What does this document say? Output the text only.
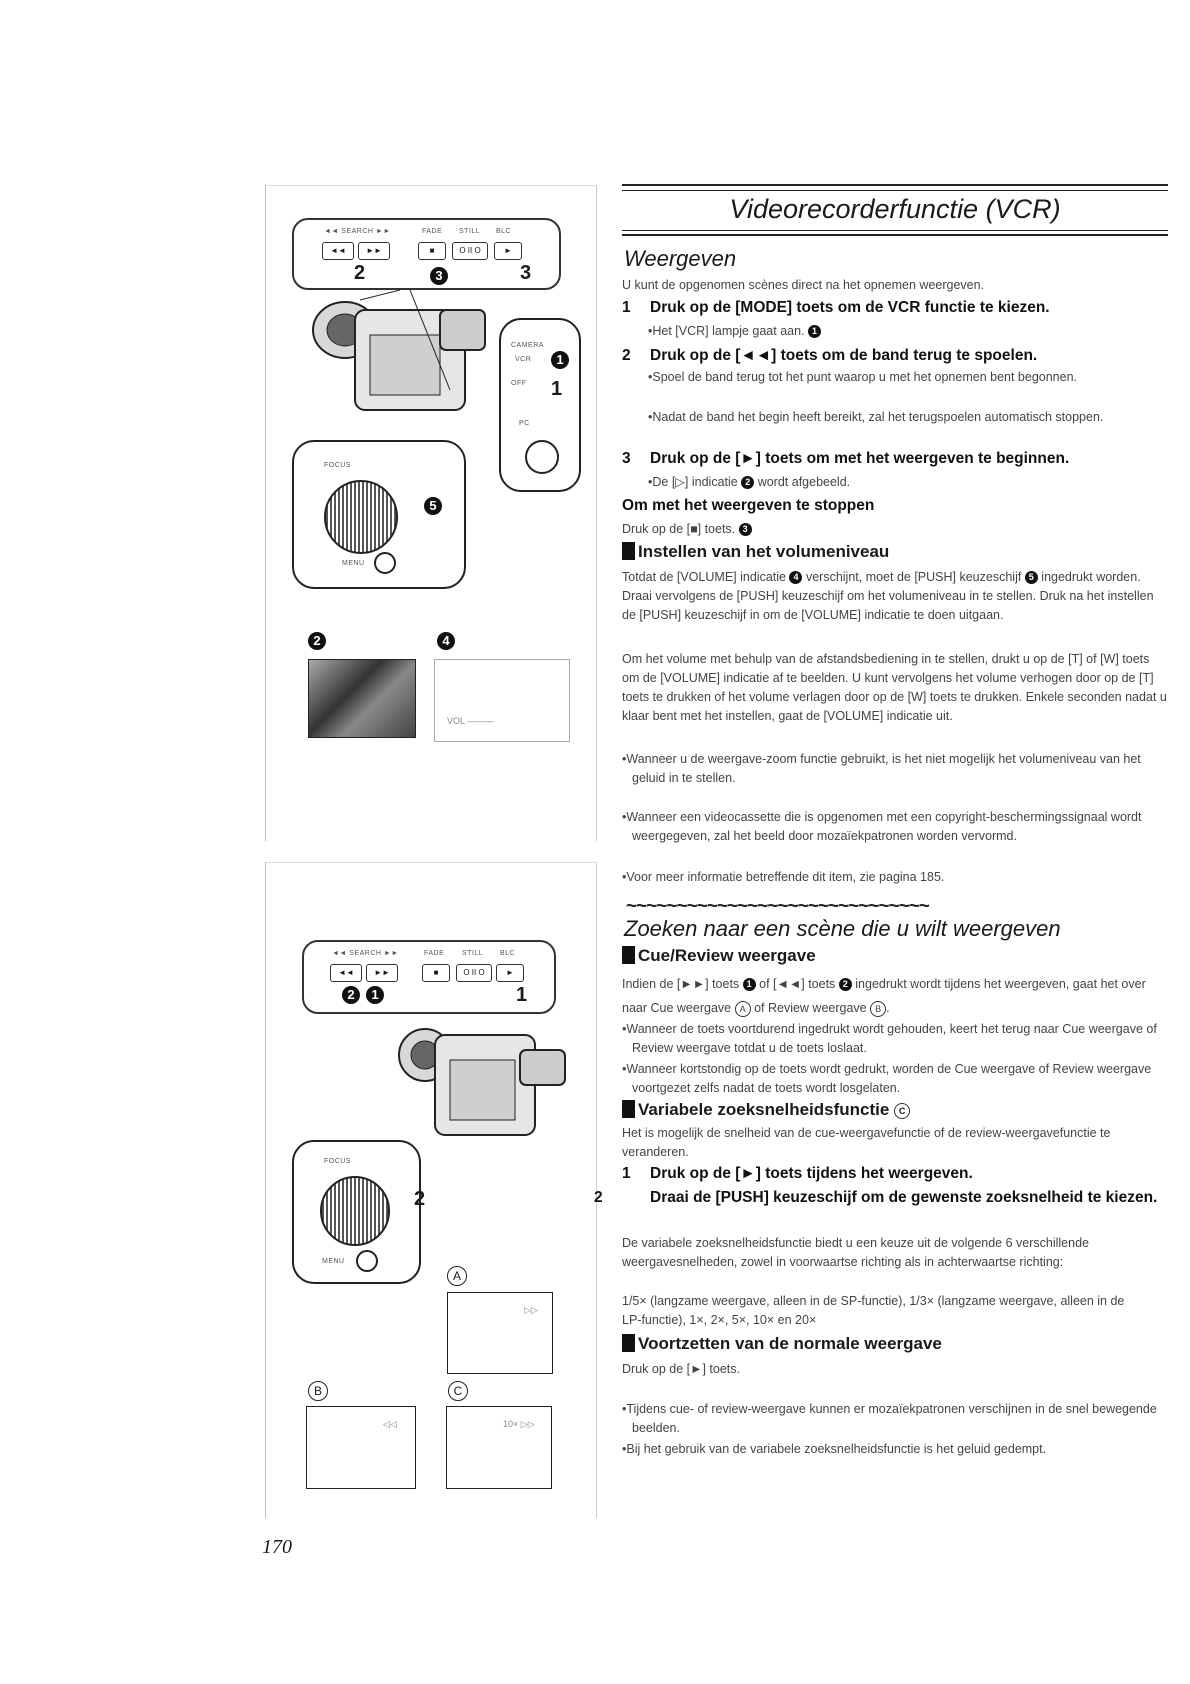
◄◄ SEARCH ►►	FADE STILL BLC
◄◄	►►	■	O II O	►
2	3	3
CAMERA
VCR	1
OFF 1
PC
FOCUS
5
MENU
2	4
VOL ———
◄◄ SEARCH ►►	FADE	STILL BLC
◄◄	►►	■	O II O	►
2	1	1
FOCUS
MENU
2
A
▷▷
B
◁◁
C
10× ▷▷
Videorecorderfunctie (VCR)
Weergeven
U kunt de opgenomen scènes direct na het opnemen weergeven.
1 Druk op de [MODE] toets om de VCR functie te kiezen.
•Het [VCR] lampje gaat aan. 1
2 Druk op de [◄◄] toets om de band terug te spoelen.
•Spoel de band terug tot het punt waarop u met het opnemen bent begonnen.
•Nadat de band het begin heeft bereikt, zal het terugspoelen automatisch stoppen.
3 Druk op de [►] toets om met het weergeven te beginnen.
•De [▷] indicatie 2 wordt afgebeeld.
Om met het weergeven te stoppen
Druk op de [■] toets. 3
Instellen van het volumeniveau
Totdat de [VOLUME] indicatie 4 verschijnt, moet de [PUSH] keuzeschijf 5 ingedrukt worden. Draai vervolgens de [PUSH] keuzeschijf om het volumeniveau in te stellen. Druk na het instellen de [PUSH] keuzeschijf in om de [VOLUME] indicatie te doen uitgaan.
Om het volume met behulp van de afstandsbediening in te stellen, drukt u op de [T] of [W] toets om de [VOLUME] indicatie af te beelden. U kunt vervolgens het volume verhogen door op de [T] toets te drukken of het volume verlagen door op de [W] toets te drukken. Enkele seconden nadat u klaar bent met het instellen, gaat de [VOLUME] indicatie uit.
•Wanneer u de weergave-zoom functie gebruikt, is het niet mogelijk het volumeniveau van het geluid in te stellen.
•Wanneer een videocassette die is opgenomen met een copyright-beschermingssignaal wordt weergegeven, zal het beeld door mozaïekpatronen worden vervormd.
•Voor meer informatie betreffende dit item, zie pagina 185.
~~~~~~~~~~~~~~~~~~~~~~~~~~~~~~
Zoeken naar een scène die u wilt weergeven
Cue/Review weergave
Indien de [►►] toets 1 of [◄◄] toets 2 ingedrukt wordt tijdens het weergeven, gaat het over naar Cue weergave A of Review weergave B .
•Wanneer de toets voortdurend ingedrukt wordt gehouden, keert het terug naar Cue weergave of Review weergave totdat u de toets loslaat.
•Wanneer kortstondig op de toets wordt gedrukt, worden de Cue weergave of Review weergave voortgezet zelfs nadat de toets wordt losgelaten.
Variabele zoeksnelheidsfunctie C
Het is mogelijk de snelheid van de cue-weergavefunctie of de review-weergavefunctie te veranderen.
1 Druk op de [►] toets tijdens het weergeven.
2	Draai de [PUSH] keuzeschijf om de gewenste zoeksnelheid te kiezen.
De variabele zoeksnelheidsfunctie biedt u een keuze uit de volgende 6 verschillende weergavesnelheden, zowel in voorwaartse richting als in achterwaartse richting:
1/5× (langzame weergave, alleen in de SP-functie), 1/3× (langzame weergave, alleen in de LP-functie), 1×, 2×, 5×, 10× en 20×
Voortzetten van de normale weergave
Druk op de [►] toets.
•Tijdens cue- of review-weergave kunnen er mozaïekpatronen verschijnen in de snel bewegende beelden.
•Bij het gebruik van de variabele zoeksnelheidsfunctie is het geluid gedempt.
170
